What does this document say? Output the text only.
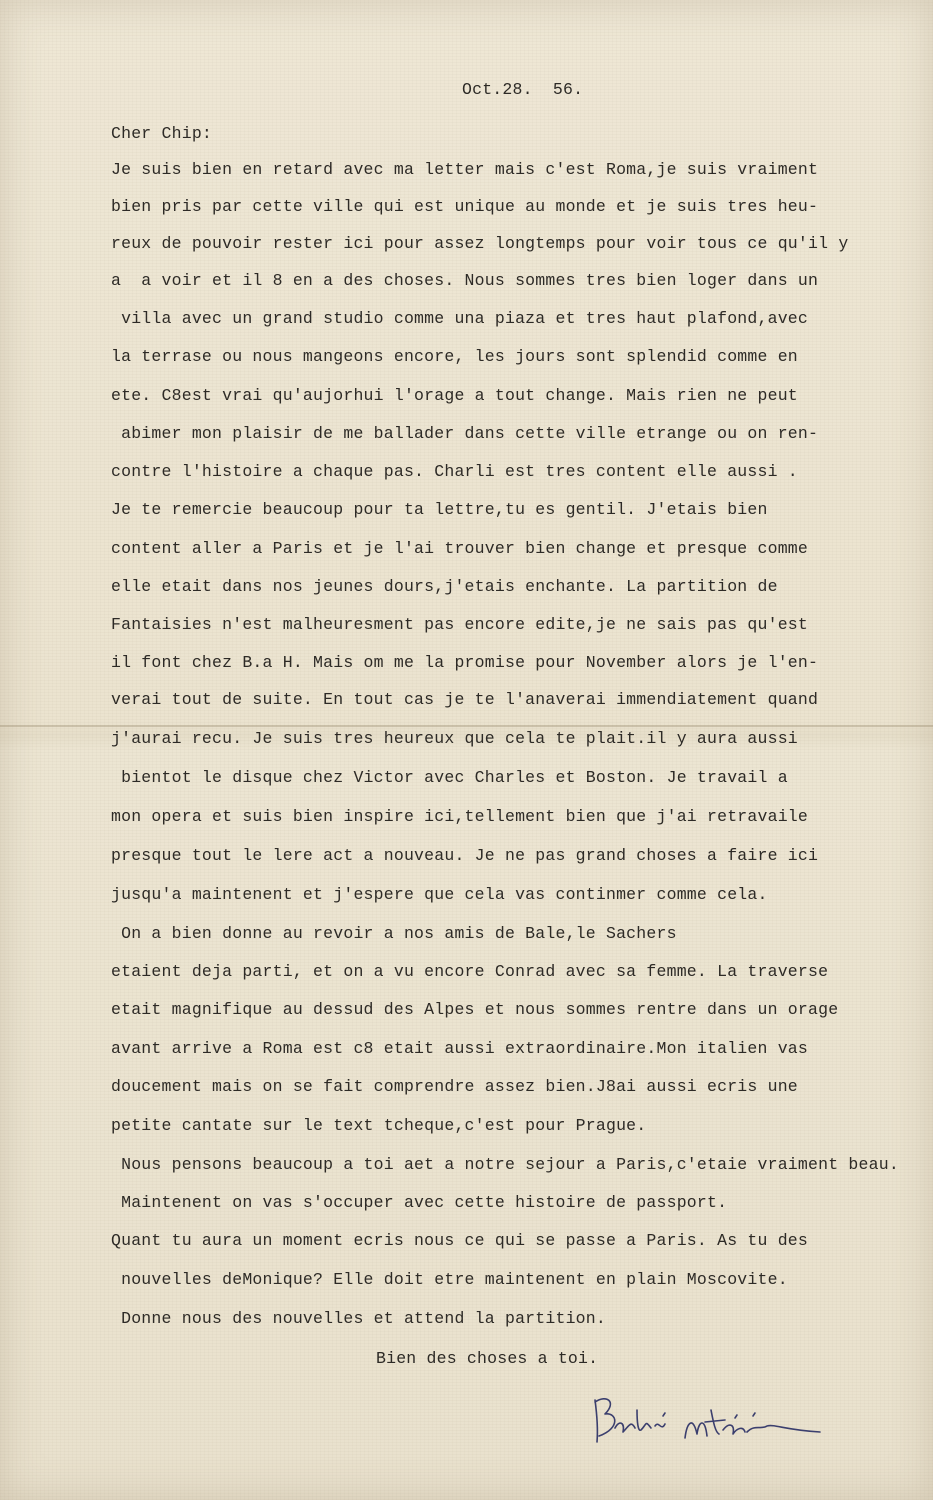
Oct.28.  56.
Cher Chip:
Je suis bien en retard avec ma letter mais c'est Roma,je suis vraiment
bien pris par cette ville qui est unique au monde et je suis tres heu-
reux de pouvoir rester ici pour assez longtemps pour voir tous ce qu'il y
a  a voir et il 8 en a des choses. Nous sommes tres bien loger dans un
villa avec un grand studio comme una piaza et tres haut plafond,avec
la terrase ou nous mangeons encore, les jours sont splendid comme en
ete. C8est vrai qu'aujorhui l'orage a tout change. Mais rien ne peut
abimer mon plaisir de me ballader dans cette ville etrange ou on ren-
contre l'histoire a chaque pas. Charli est tres content elle aussi .
Je te remercie beaucoup pour ta lettre,tu es gentil. J'etais bien
content aller a Paris et je l'ai trouver bien change et presque comme
elle etait dans nos jeunes dours,j'etais enchante. La partition de
Fantaisies n'est malheuresment pas encore edite,je ne sais pas qu'est
il font chez B.a H. Mais om me la promise pour November alors je l'en-
verai tout de suite. En tout cas je te l'anaverai immendiatement quand
j'aurai recu. Je suis tres heureux que cela te plait.il y aura aussi
bientot le disque chez Victor avec Charles et Boston. Je travail a
mon opera et suis bien inspire ici,tellement bien que j'ai retravaile
presque tout le lere act a nouveau. Je ne pas grand choses a faire ici
jusqu'a maintenent et j'espere que cela vas continmer comme cela.
On a bien donne au revoir a nos amis de Bale,le Sachers
etaient deja parti, et on a vu encore Conrad avec sa femme. La traverse
etait magnifique au dessud des Alpes et nous sommes rentre dans un orage
avant arrive a Roma est c8 etait aussi extraordinaire.Mon italien vas
doucement mais on se fait comprendre assez bien.J8ai aussi ecris une
petite cantate sur le text tcheque,c'est pour Prague.
Nous pensons beaucoup a toi aet a notre sejour a Paris,c'etaie vraiment beau.
Maintenent on vas s'occuper avec cette histoire de passport.
Quant tu aura un moment ecris nous ce qui se passe a Paris. As tu des
nouvelles deMonique? Elle doit etre maintenent en plain Moscovite.
Donne nous des nouvelles et attend la partition.
Bien des choses a toi.
